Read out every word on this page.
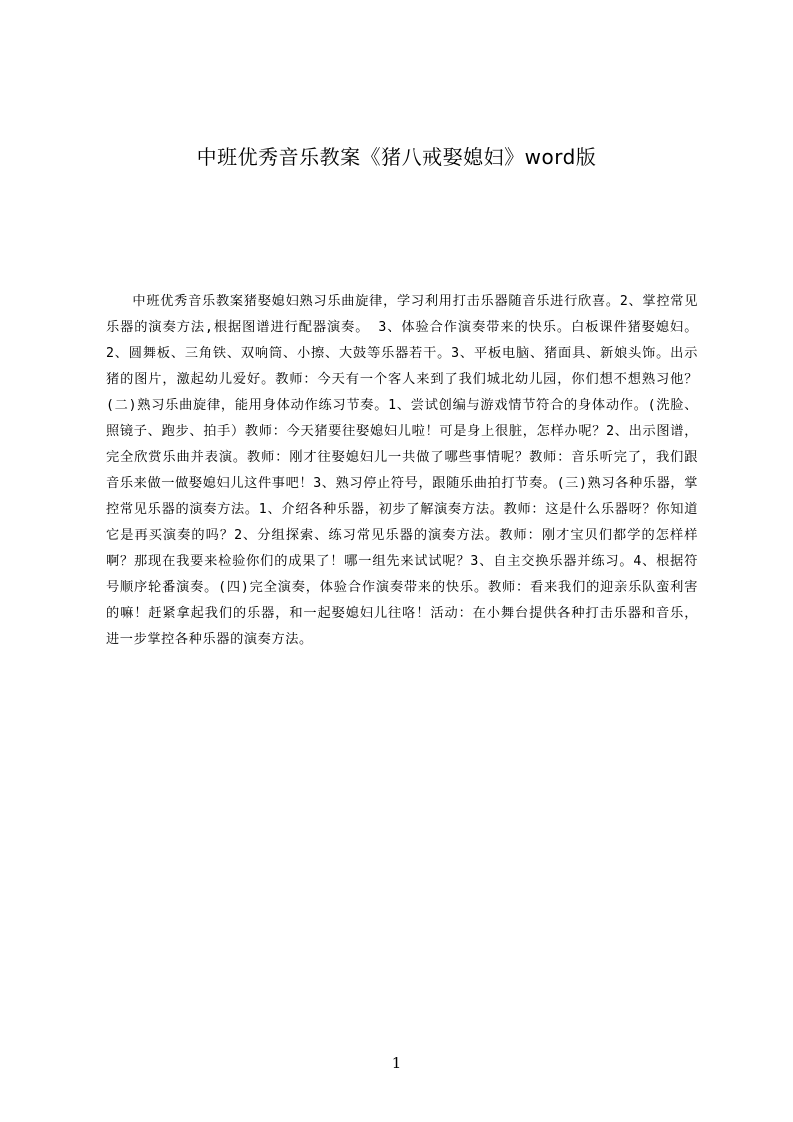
中班优秀音乐教案《猪八戒娶媳妇》word版

中班优秀音乐教案猪娶媳妇熟习乐曲旋律，学习利用打击乐器随音乐进行欣喜。2、掌控常见乐器的演奏方法,根据图谱进行配器演奏。 3、体验合作演奏带来的快乐。白板课件猪娶媳妇。2、圆舞板、三角铁、双响筒、小擦、大鼓等乐器若干。3、平板电脑、猪面具、新娘头饰。出示猪的图片，激起幼儿爱好。教师：今天有一个客人来到了我们城北幼儿园，你们想不想熟习他？(二)熟习乐曲旋律，能用身体动作练习节奏。1、尝试创编与游戏情节符合的身体动作。(洗脸、照镜子、跑步、拍手）教师：今天猪要往娶媳妇儿啦！可是身上很脏，怎样办呢？2、出示图谱，完全欣赏乐曲并表演。教师：刚才往娶媳妇儿一共做了哪些事情呢？教师：音乐听完了，我们跟音乐来做一做娶媳妇儿这件事吧！3、熟习停止符号，跟随乐曲拍打节奏。(三)熟习各种乐器，掌控常见乐器的演奏方法。1、介绍各种乐器，初步了解演奏方法。教师：这是什么乐器呀？你知道它是再买演奏的吗？2、分组探索、练习常见乐器的演奏方法。教师：刚才宝贝们都学的怎样样啊？那现在我要来检验你们的成果了！哪一组先来试试呢？3、自主交换乐器并练习。4、根据符号顺序轮番演奏。(四)完全演奏，体验合作演奏带来的快乐。教师：看来我们的迎亲乐队蛮利害的嘛！赶紧拿起我们的乐器，和一起娶媳妇儿往咯！活动：在小舞台提供各种打击乐器和音乐，进一步掌控各种乐器的演奏方法。

1
